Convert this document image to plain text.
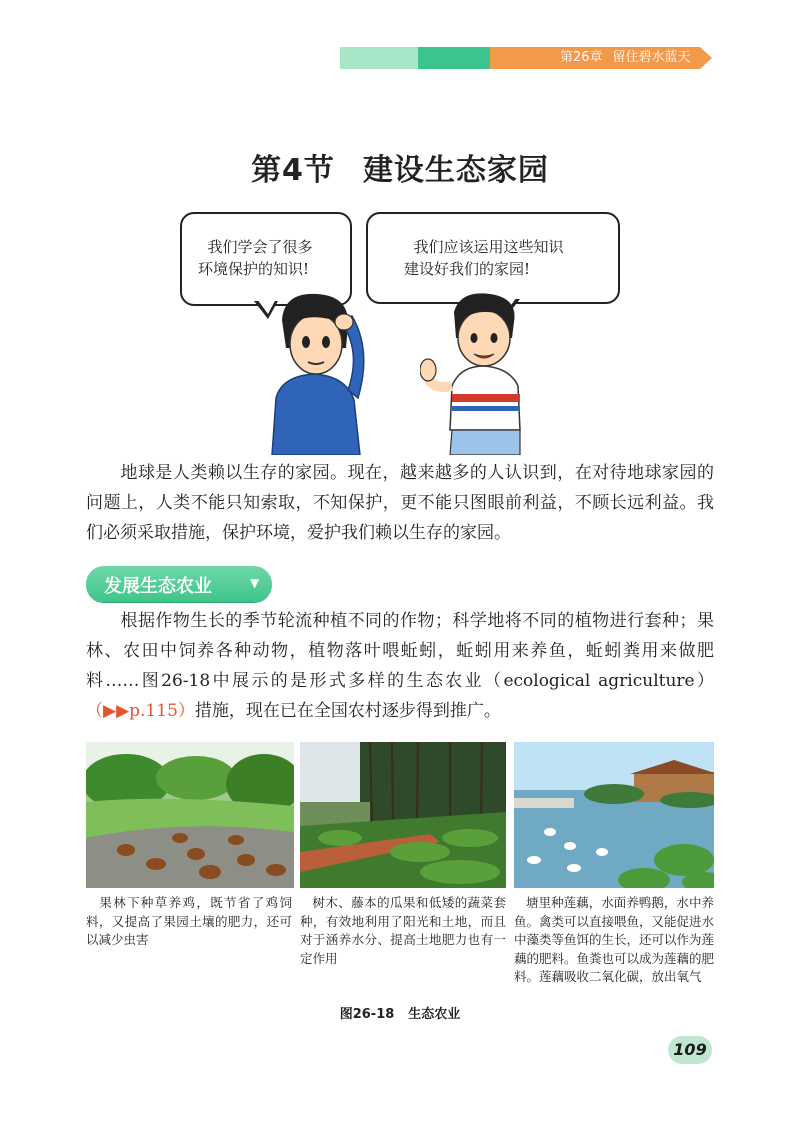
第26章 留住碧水蓝天
第4节 建设生态家园
我们学会了很多
环境保护的知识!
我们应该运用这些知识
建设好我们的家园!
地球是人类赖以生存的家园。现在，越来越多的人认识到，在对待地球家园的问题上，人类不能只知索取，不知保护，更不能只图眼前利益，不顾长远利益。我们必须采取措施，保护环境，爱护我们赖以生存的家园。
发展生态农业	▼
根据作物生长的季节轮流种植不同的作物；科学地将不同的植物进行套种；果林、农田中饲养各种动物，植物落叶喂蚯蚓，蚯蚓用来养鱼，蚯蚓粪用来做肥料……图26-18中展示的是形式多样的生态农业（ecological agriculture）（▶▶p.115）措施，现在已在全国农村逐步得到推广。
果林下种草养鸡，既节省了鸡饲料，又提高了果园土壤的肥力，还可以减少虫害
树木、藤本的瓜果和低矮的蔬菜套种，有效地利用了阳光和土地，而且对于涵养水分、提高土地肥力也有一定作用
塘里种莲藕，水面养鸭鹅，水中养鱼。禽类可以直接喂鱼，又能促进水中藻类等鱼饵的生长，还可以作为莲藕的肥料。鱼粪也可以成为莲藕的肥料。莲藕吸收二氧化碳，放出氧气
图26-18 生态农业
109
